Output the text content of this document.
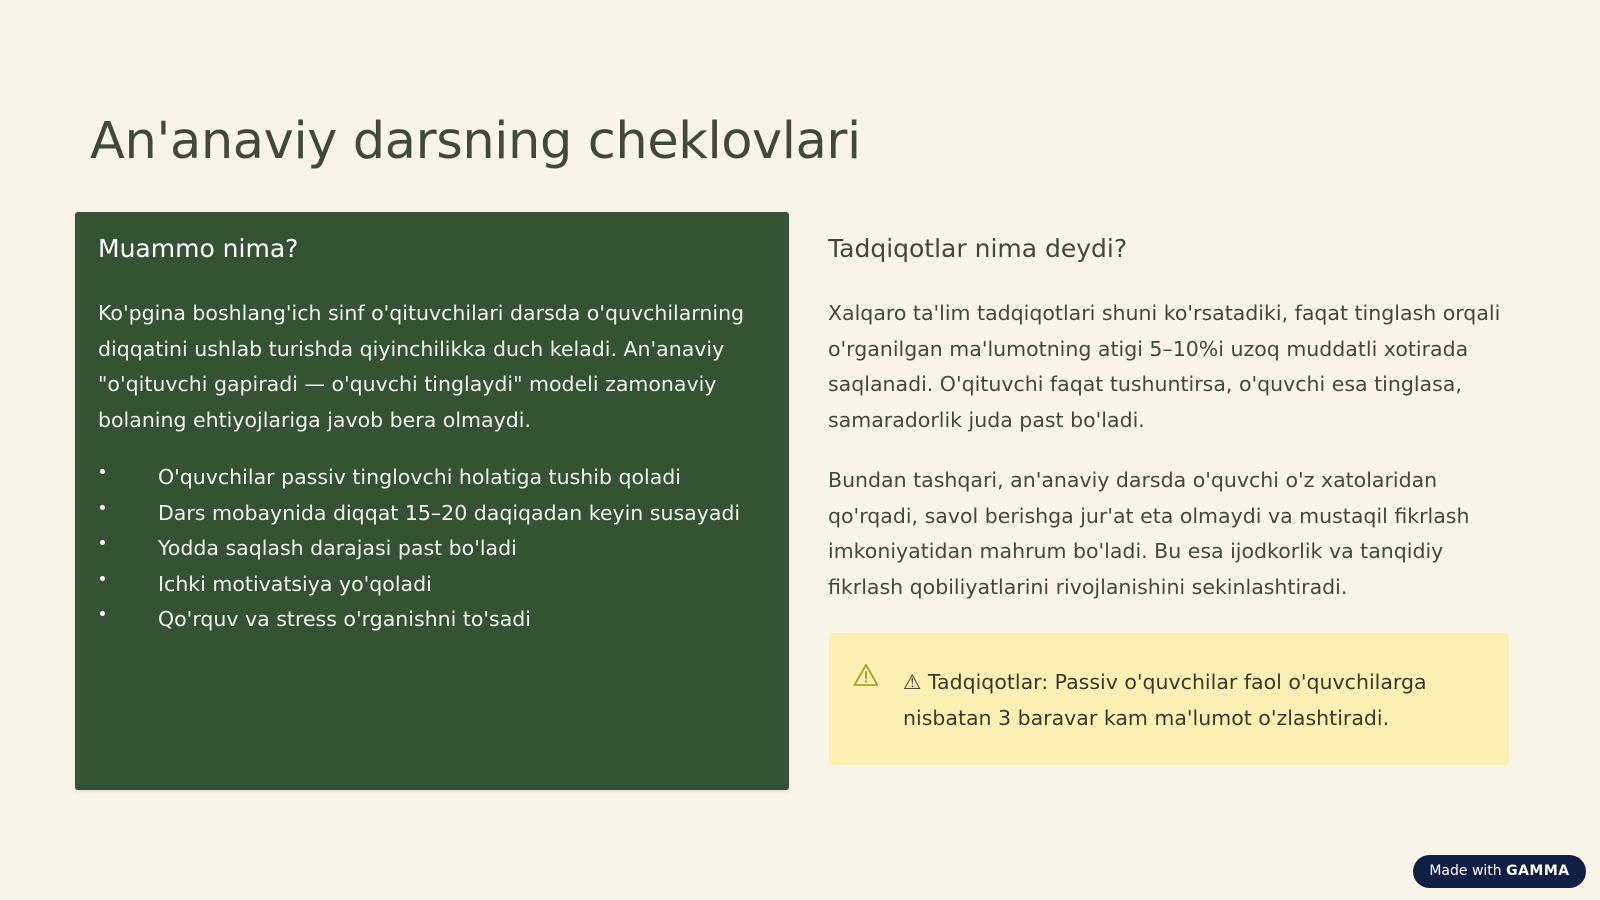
An'anaviy darsning cheklovlari
Muammo nima?

Ko'pgina boshlang'ich sinf o'qituvchilari darsda o'quvchilarning diqqatini ushlab turishda qiyinchilikka duch keladi. An'anaviy "o'qituvchi gapiradi — o'quvchi tinglaydi" modeli zamonaviy bolaning ehtiyojlariga javob bera olmaydi.

O'quvchilar passiv tinglovchi holatiga tushib qoladi
Dars mobaynida diqqat 15–20 daqiqadan keyin susayadi
Yodda saqlash darajasi past bo'ladi
Ichki motivatsiya yo'qoladi
Qo'rquv va stress o'rganishni to'sadi
Tadqiqotlar nima deydi?

Xalqaro ta'lim tadqiqotlari shuni ko'rsatadiki, faqat tinglash orqali o'rganilgan ma'lumotning atigi 5–10%i uzoq muddatli xotirada saqlanadi. O'qituvchi faqat tushuntirsa, o'quvchi esa tinglasa, samaradorlik juda past bo'ladi.

Bundan tashqari, an'anaviy darsda o'quvchi o'z xatolaridan qo'rqadi, savol berishga jur'at eta olmaydi va mustaqil fikrlash imkoniyatidan mahrum bo'ladi. Bu esa ijodkorlik va tanqidiy fikrlash qobiliyatlarini rivojlanishini sekinlashtiradi.

⚠ Tadqiqotlar: Passiv o'quvchilar faol o'quvchilarga nisbatan 3 baravar kam ma'lumot o'zlashtiradi.

Made with GAMMA
